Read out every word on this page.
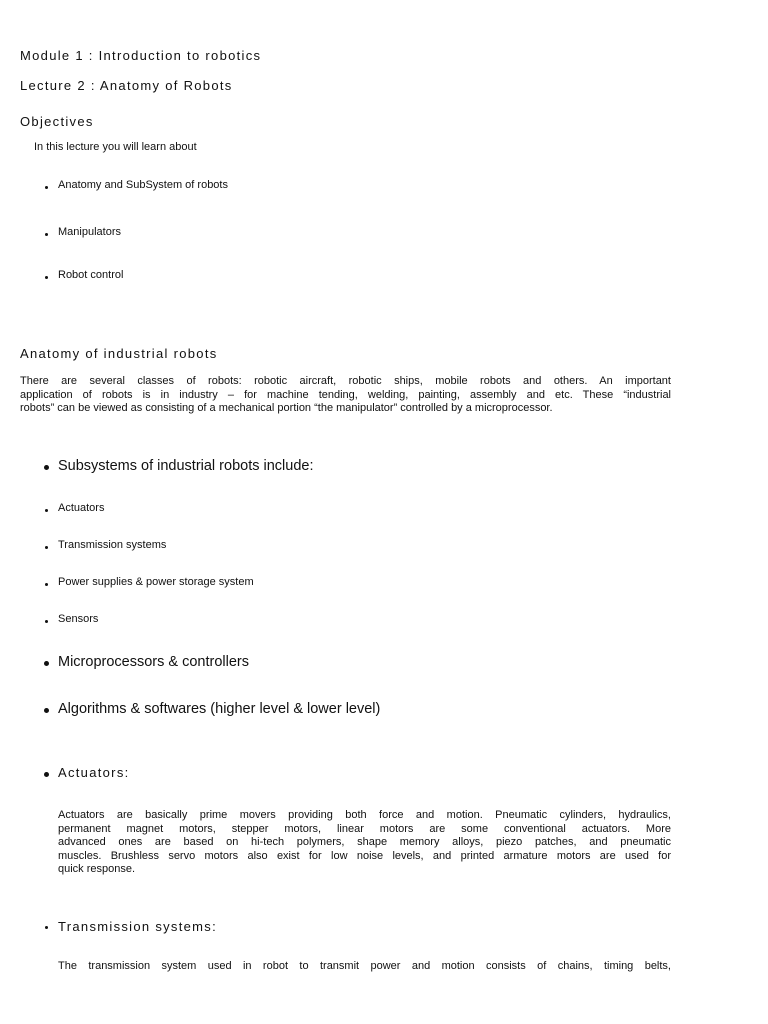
Module 1 : Introduction to robotics

Lecture 2 : Anatomy of Robots

Objectives

In this lecture you will learn about

Anatomy and SubSystem of robots

Manipulators

Robot control

Anatomy of industrial robots

There are several classes of robots: robotic aircraft, robotic ships, mobile robots and others. An important
application of robots is in industry – for machine tending, welding, painting, assembly and etc. These “industrial
robots” can be viewed as consisting of a mechanical portion “the manipulator” controlled by a microprocessor.

Subsystems of industrial robots include:

Actuators

Transmission systems

Power supplies & power storage system

Sensors

Microprocessors & controllers

Algorithms & softwares (higher level & lower level)

Actuators:

Actuators are basically prime movers providing both force and motion. Pneumatic cylinders, hydraulics,
permanent magnet motors, stepper motors, linear motors are some conventional actuators. More
advanced ones are based on hi-tech polymers, shape memory alloys, piezo patches, and pneumatic
muscles. Brushless servo motors also exist for low noise levels, and printed armature motors are used for
quick response.

Transmission systems:

The transmission system used in robot to transmit power and motion consists of chains, timing belts,
